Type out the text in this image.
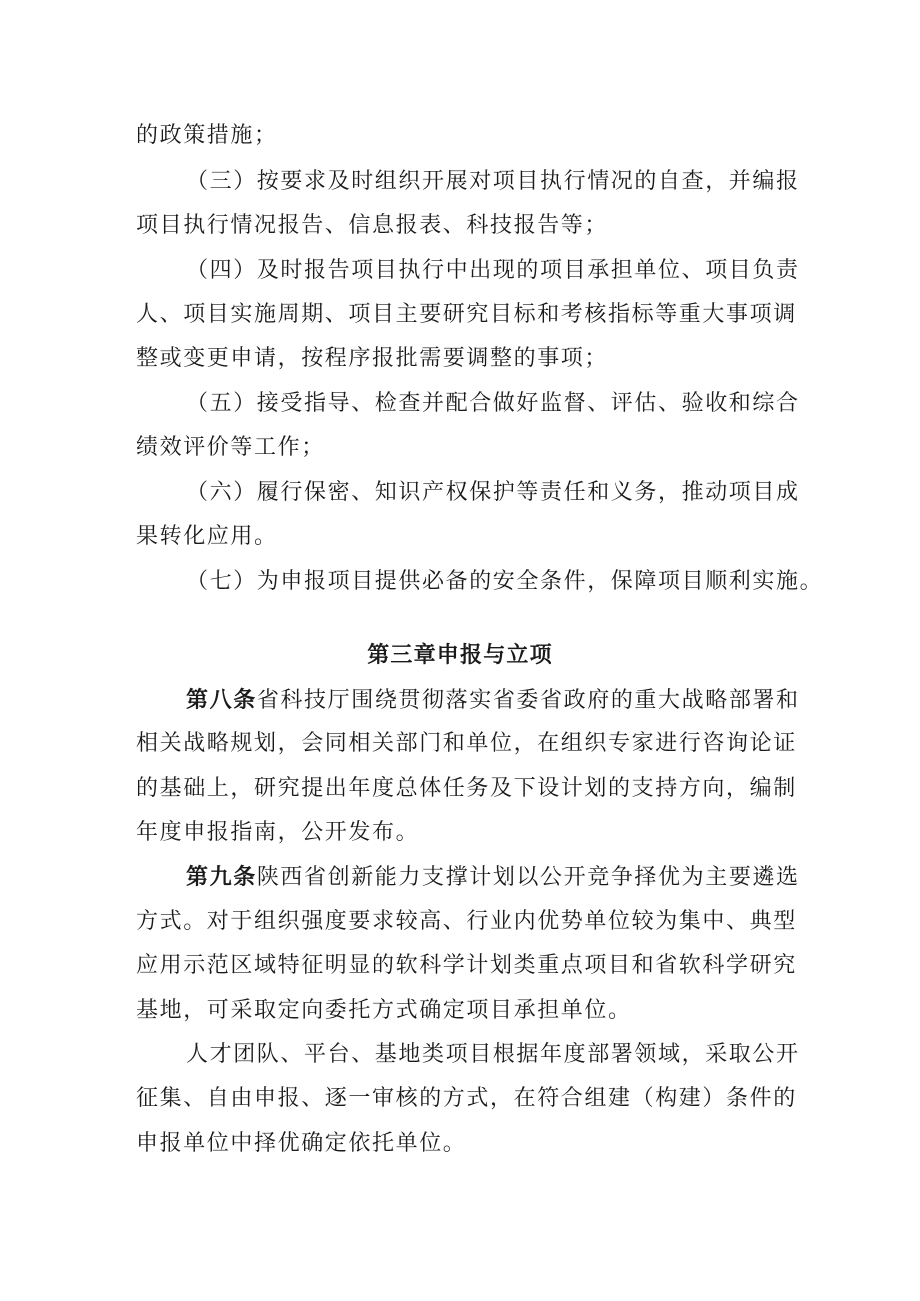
的政策措施；
（三）按要求及时组织开展对项目执行情况的自查，并编报
项目执行情况报告、信息报表、科技报告等；
（四）及时报告项目执行中出现的项目承担单位、项目负责
人、项目实施周期、项目主要研究目标和考核指标等重大事项调
整或变更申请，按程序报批需要调整的事项；
（五）接受指导、检查并配合做好监督、评估、验收和综合
绩效评价等工作；
（六）履行保密、知识产权保护等责任和义务，推动项目成
果转化应用。
（七）为申报项目提供必备的安全条件，保障项目顺利实施。
第三章申报与立项
第八条省科技厅围绕贯彻落实省委省政府的重大战略部署和
相关战略规划，会同相关部门和单位，在组织专家进行咨询论证
的基础上，研究提出年度总体任务及下设计划的支持方向，编制
年度申报指南，公开发布。
第九条陕西省创新能力支撑计划以公开竞争择优为主要遴选
方式。对于组织强度要求较高、行业内优势单位较为集中、典型
应用示范区域特征明显的软科学计划类重点项目和省软科学研究
基地，可采取定向委托方式确定项目承担单位。
人才团队、平台、基地类项目根据年度部署领域，采取公开
征集、自由申报、逐一审核的方式，在符合组建（构建）条件的
申报单位中择优确定依托单位。
